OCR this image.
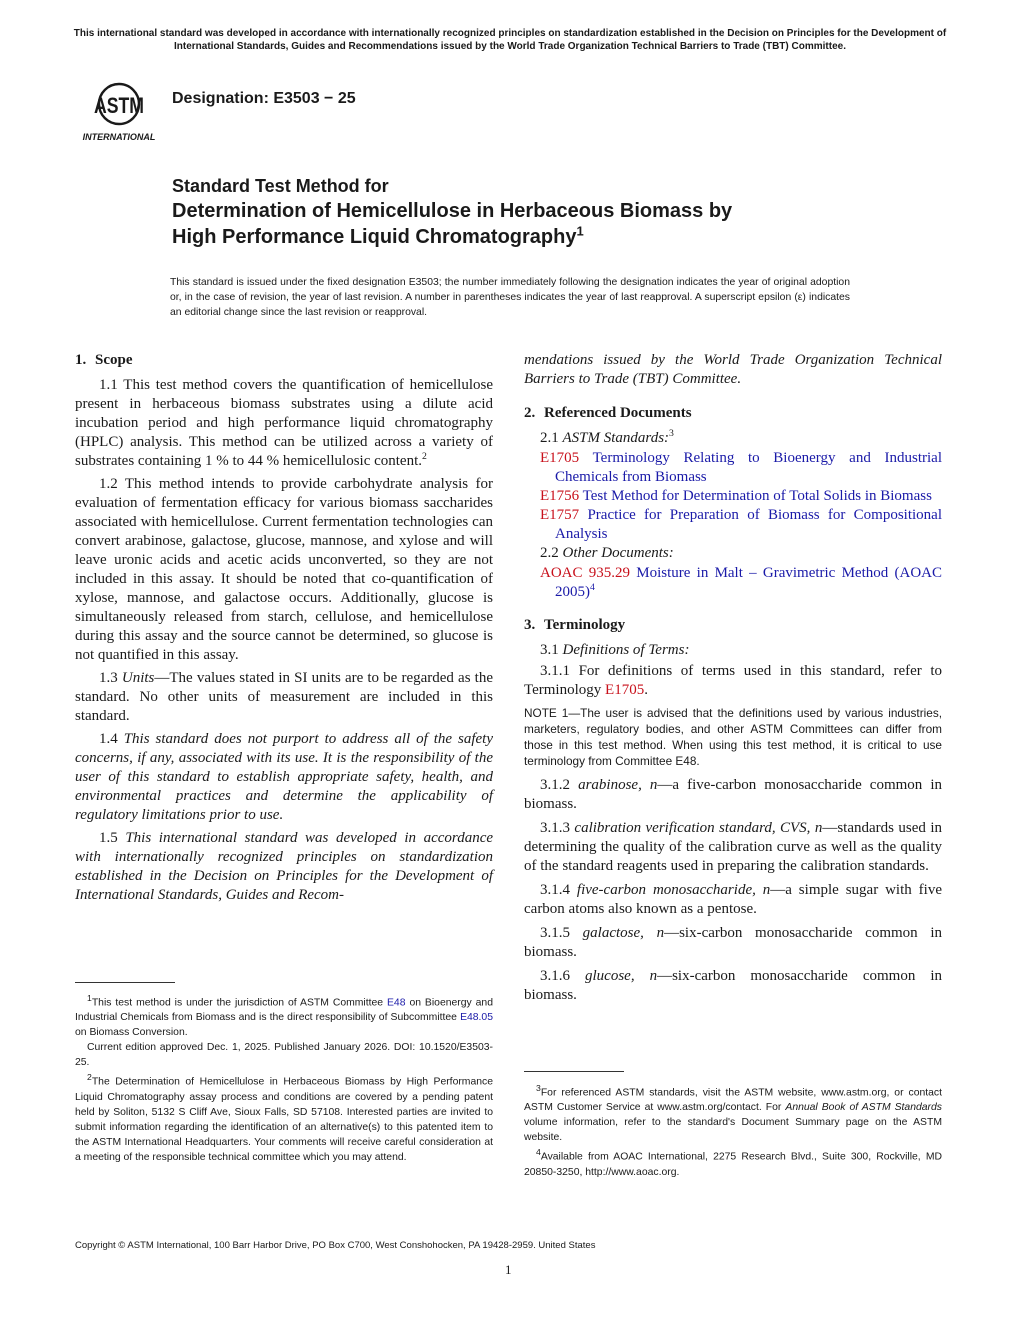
This international standard was developed in accordance with internationally recognized principles on standardization established in the Decision on Principles for the Development of International Standards, Guides and Recommendations issued by the World Trade Organization Technical Barriers to Trade (TBT) Committee.
ASTM
INTERNATIONAL
Designation: E3503 − 25
Standard Test Method for
Determination of Hemicellulose in Herbaceous Biomass by
High Performance Liquid Chromatography$^1$
This standard is issued under the fixed designation E3503; the number immediately following the designation indicates the year of original adoption or, in the case of revision, the year of last revision. A number in parentheses indicates the year of last reapproval. A superscript epsilon (ε) indicates an editorial change since the last revision or reapproval.
1. Scope

1.1 This test method covers the quantification of hemicellulose present in herbaceous biomass substrates using a dilute acid incubation period and high performance liquid chromatography (HPLC) analysis. This method can be utilized across a variety of substrates containing 1 % to 44 % hemicellulosic content.$^2$

1.2 This method intends to provide carbohydrate analysis for evaluation of fermentation efficacy for various biomass saccharides associated with hemicellulose. Current fermentation technologies can convert arabinose, galactose, glucose, mannose, and xylose and will leave uronic acids and acetic acids unconverted, so they are not included in this assay. It should be noted that co-quantification of xylose, mannose, and galactose occurs. Additionally, glucose is simultaneously released from starch, cellulose, and hemicellulose during this assay and the source cannot be determined, so glucose is not quantified in this assay.

1.3 Units—The values stated in SI units are to be regarded as the standard. No other units of measurement are included in this standard.

1.4 This standard does not purport to address all of the safety concerns, if any, associated with its use. It is the responsibility of the user of this standard to establish appropriate safety, health, and environmental practices and determine the applicability of regulatory limitations prior to use.

1.5 This international standard was developed in accordance with internationally recognized principles on standardization established in the Decision on Principles for the Development of International Standards, Guides and Recom-

$^1$This test method is under the jurisdiction of ASTM Committee E48 on Bioenergy and Industrial Chemicals from Biomass and is the direct responsibility of Subcommittee E48.05 on Biomass Conversion.

Current edition approved Dec. 1, 2025. Published January 2026. DOI: 10.1520/E3503-25.

$^2$The Determination of Hemicellulose in Herbaceous Biomass by High Performance Liquid Chromatography assay process and conditions are covered by a pending patent held by Soliton, 5132 S Cliff Ave, Sioux Falls, SD 57108. Interested parties are invited to submit information regarding the identification of an alternative(s) to this patented item to the ASTM International Headquarters. Your comments will receive careful consideration at a meeting of the responsible technical committee which you may attend.

mendations issued by the World Trade Organization Technical Barriers to Trade (TBT) Committee.

2. Referenced Documents

2.1 ASTM Standards:$^3$

E1705 Terminology Relating to Bioenergy and Industrial Chemicals from Biomass

E1756 Test Method for Determination of Total Solids in Biomass

E1757 Practice for Preparation of Biomass for Compositional Analysis

2.2 Other Documents:

AOAC 935.29 Moisture in Malt – Gravimetric Method (AOAC 2005)$^4$

3. Terminology

3.1 Definitions of Terms:

3.1.1 For definitions of terms used in this standard, refer to Terminology E1705.

NOTE 1—The user is advised that the definitions used by various industries, marketers, regulatory bodies, and other ASTM Committees can differ from those in this test method. When using this test method, it is critical to use terminology from Committee E48.

3.1.2 arabinose, n—a five-carbon monosaccharide common in biomass.

3.1.3 calibration verification standard, CVS, n—standards used in determining the quality of the calibration curve as well as the quality of the standard reagents used in preparing the calibration standards.

3.1.4 five-carbon monosaccharide, n—a simple sugar with five carbon atoms also known as a pentose.

3.1.5 galactose, n—six-carbon monosaccharide common in biomass.

3.1.6 glucose, n—six-carbon monosaccharide common in biomass.

$^3$For referenced ASTM standards, visit the ASTM website, www.astm.org, or contact ASTM Customer Service at www.astm.org/contact. For Annual Book of ASTM Standards volume information, refer to the standard's Document Summary page on the ASTM website.

$^4$Available from AOAC International, 2275 Research Blvd., Suite 300, Rockville, MD 20850-3250, http://www.aoac.org.

Copyright © ASTM International, 100 Barr Harbor Drive, PO Box C700, West Conshohocken, PA 19428-2959. United States
1
